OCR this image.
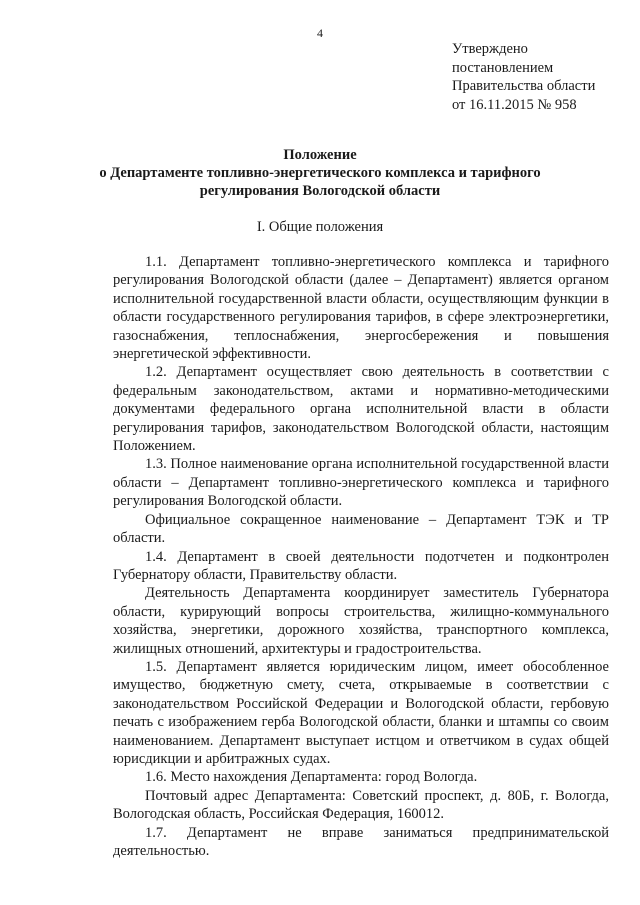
4
Утверждено
постановлением
Правительства области
от 16.11.2015 № 958
Положение
о Департаменте топливно-энергетического комплекса и тарифного
регулирования Вологодской области
I. Общие положения

1.1. Департамент топливно-энергетического комплекса и тарифного регулирования Вологодской области (далее – Департамент) является органом исполнительной государственной власти области, осуществляющим функции в области государственного регулирования тарифов, в сфере электроэнергетики, газоснабжения, теплоснабжения, энергосбережения и повышения энергетической эффективности.

1.2. Департамент осуществляет свою деятельность в соответствии с федеральным законодательством, актами и нормативно-методическими документами федерального органа исполнительной власти в области регулирования тарифов, законодательством Вологодской области, настоящим Положением.

1.3. Полное наименование органа исполнительной государственной власти области – Департамент топливно-энергетического комплекса и тарифного регулирования Вологодской области.

Официальное сокращенное наименование – Департамент ТЭК и ТР области.

1.4. Департамент в своей деятельности подотчетен и подконтролен Губернатору области, Правительству области.

Деятельность Департамента координирует заместитель Губернатора области, курирующий вопросы строительства, жилищно-коммунального хозяйства, энергетики, дорожного хозяйства, транспортного комплекса, жилищных отношений, архитектуры и градостроительства.

1.5. Департамент является юридическим лицом, имеет обособленное имущество, бюджетную смету, счета, открываемые в соответствии с законодательством Российской Федерации и Вологодской области, гербовую печать с изображением герба Вологодской области, бланки и штампы со своим наименованием. Департамент выступает истцом и ответчиком в судах общей юрисдикции и арбитражных судах.

1.6. Место нахождения Департамента: город Вологда.

Почтовый адрес Департамента: Советский проспект, д. 80Б, г. Вологда, Вологодская область, Российская Федерация, 160012.

1.7. Департамент не вправе заниматься предпринимательской деятельностью.
